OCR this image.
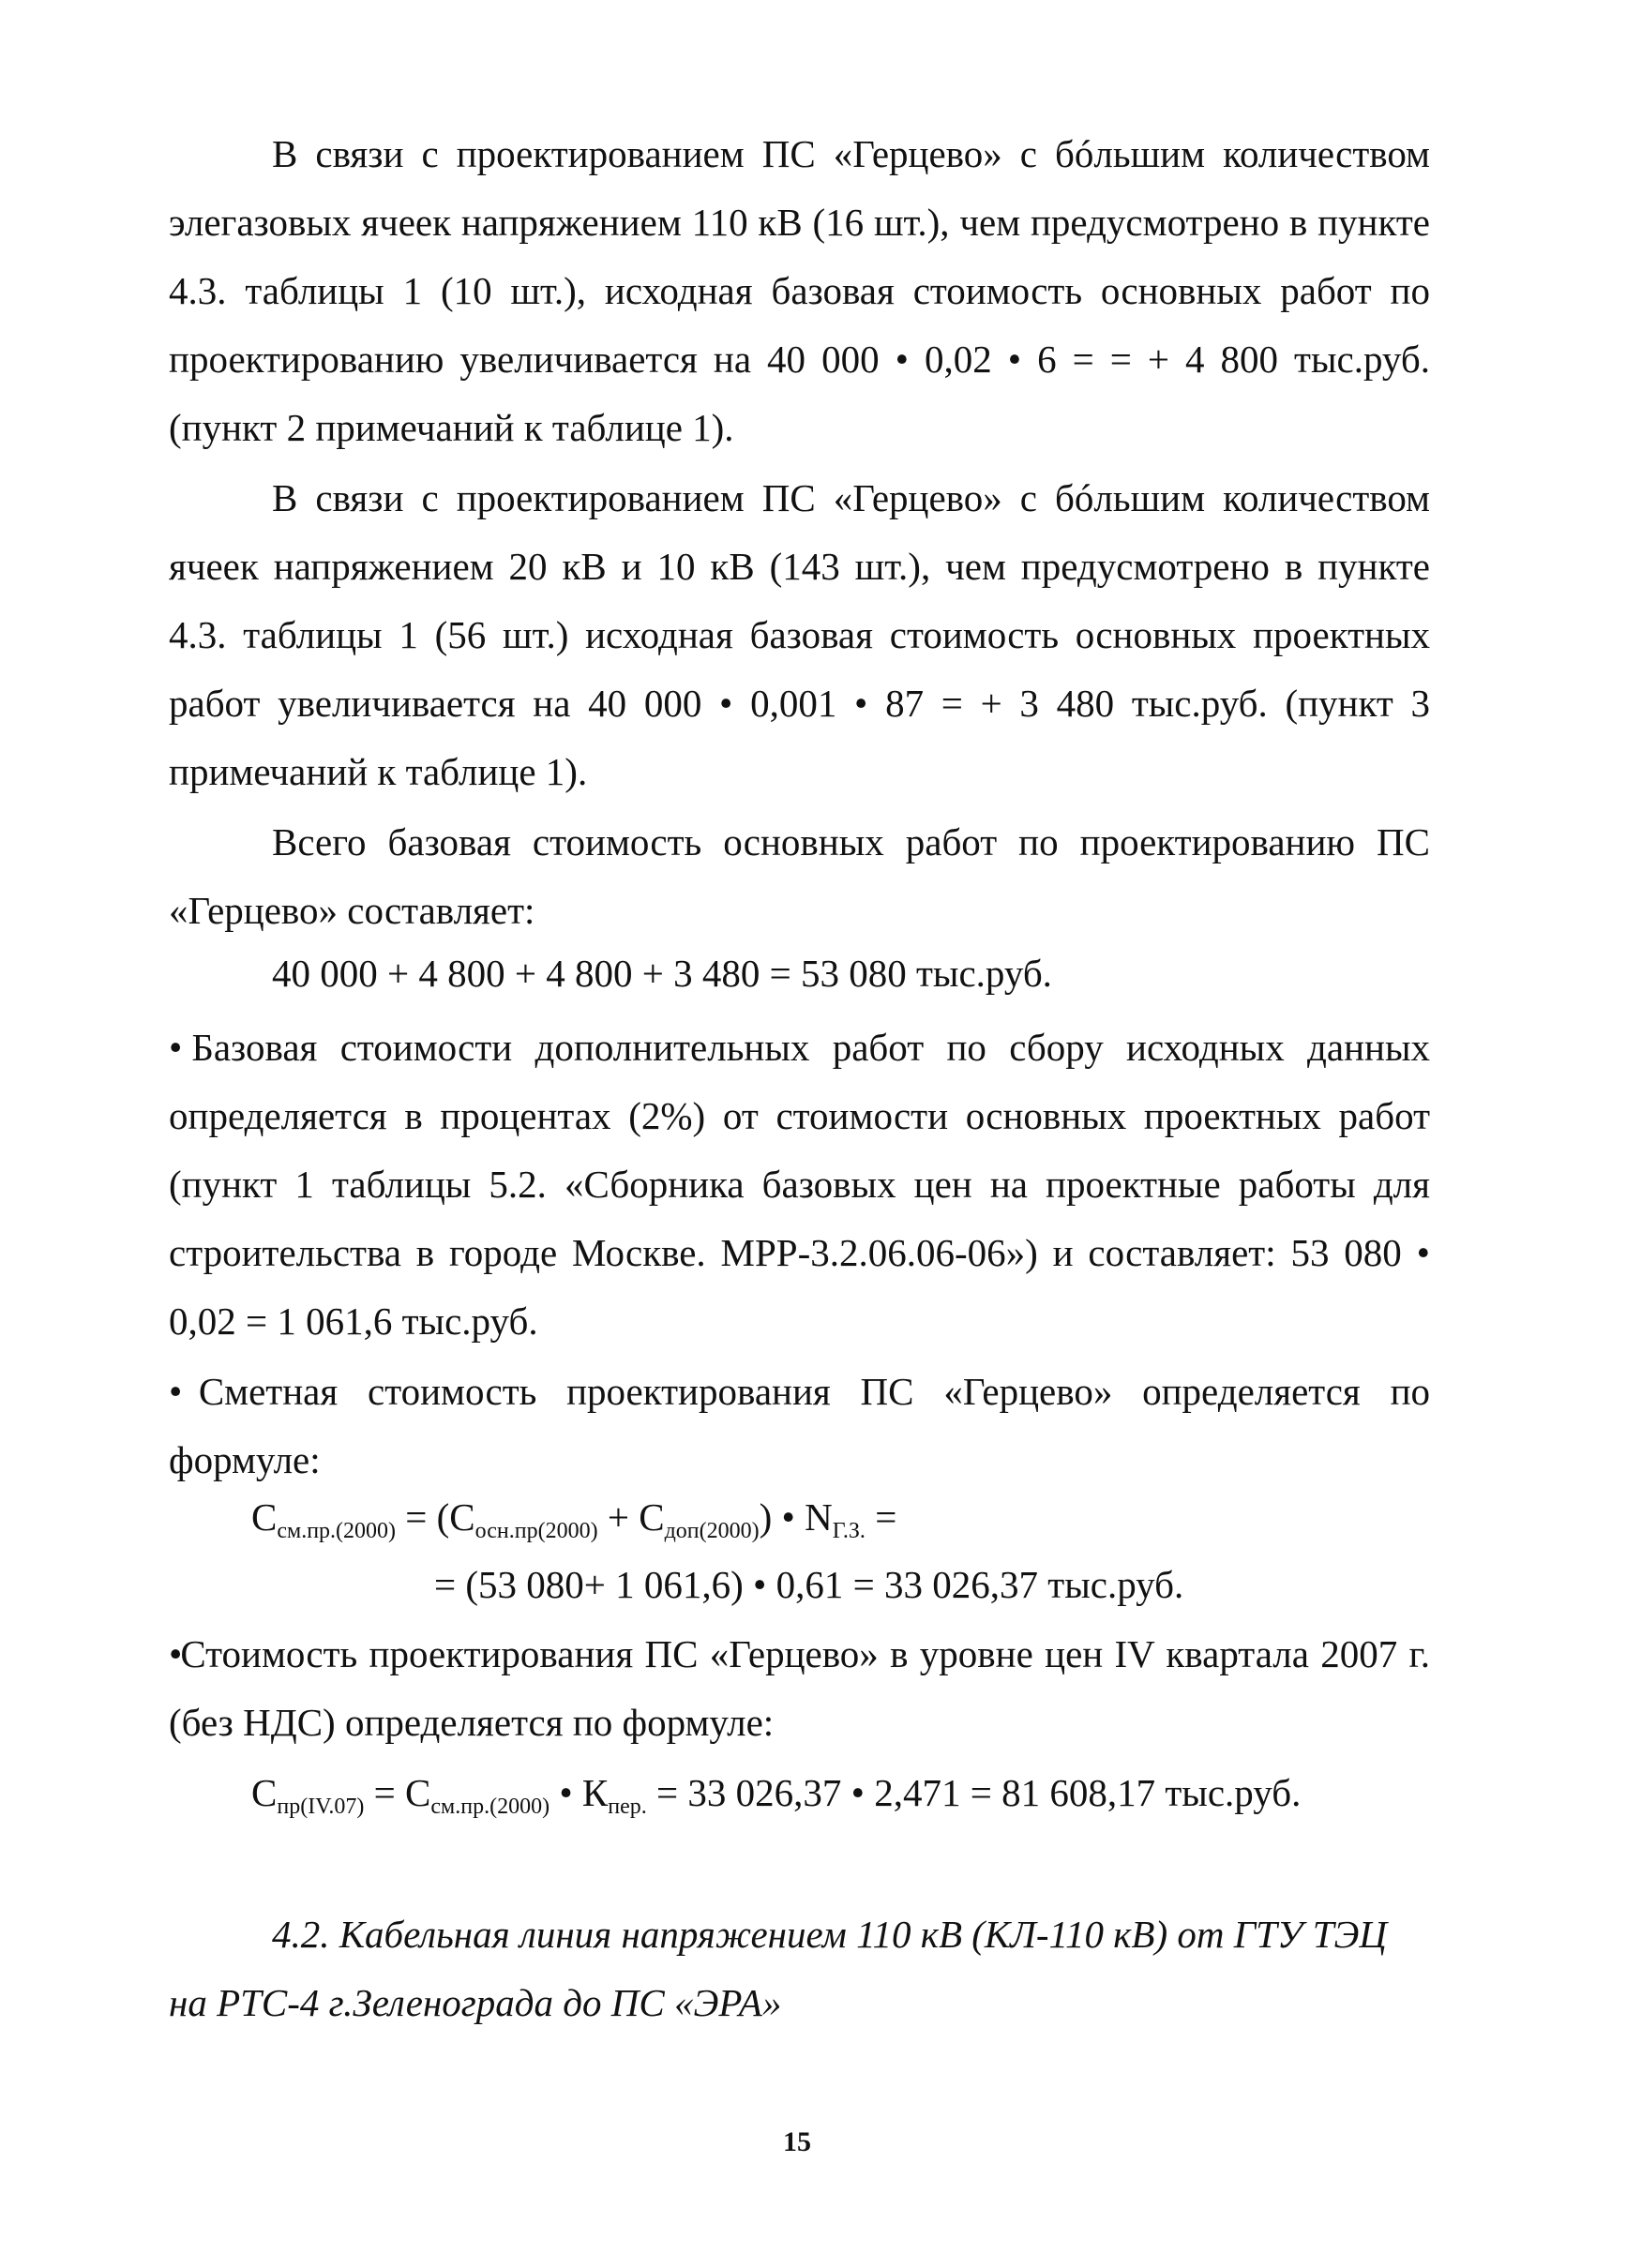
В связи с проектированием ПС «Герцево» с бóльшим количеством элегазовых ячеек напряжением 110 кВ (16 шт.), чем предусмотрено в пункте 4.3. таблицы 1 (10 шт.), исходная базовая стоимость основных работ по проектированию увеличивается на 40 000 • 0,02 • 6 = = + 4 800 тыс.руб. (пункт 2 примечаний к таблице 1).

В связи с проектированием ПС «Герцево» с бóльшим количеством ячеек напряжением 20 кВ и 10 кВ (143 шт.), чем предусмотрено в пункте 4.3. таблицы 1 (56 шт.) исходная базовая стоимость основных проектных работ увеличивается на 40 000 • 0,001 • 87 = + 3 480 тыс.руб. (пункт 3 примечаний к таблице 1).

Всего базовая стоимость основных работ по проектированию ПС «Герцево» составляет:

40 000 + 4 800 + 4 800 + 3 480 = 53 080 тыс.руб.

• Базовая стоимости дополнительных работ по сбору исходных данных определяется в процентах (2%) от стоимости основных проектных работ (пункт 1 таблицы 5.2. «Сборника базовых цен на проектные работы для строительства в городе Москве. МРР-3.2.06.06-06») и составляет: 53 080 • 0,02 = 1 061,6 тыс.руб.
• Сметная стоимость проектирования ПС «Герцево» определяется по формуле:
$С_{см.пр.(2000)} = (С_{осн.пр(2000)} + С_{доп(2000)})$ • $N_{Г.З.}$ =

= (53 080+ 1 061,6) • 0,61 = 33 026,37 тыс.руб.

• Стоимость проектирования ПС «Герцево» в уровне цен IV квартала 2007 г. (без НДС) определяется по формуле:
$С_{пр(IV.07)} = С_{см.пр.(2000)}$ • $К_{пер.} = 33$ 026,37 • 2,471 = 81 608,17 тыс.руб.

4.2. Кабельная линия напряжением 110 кВ (КЛ-110 кВ) от ГТУ ТЭЦ на РТС-4 г.Зеленограда до ПС «ЭРА»

15
